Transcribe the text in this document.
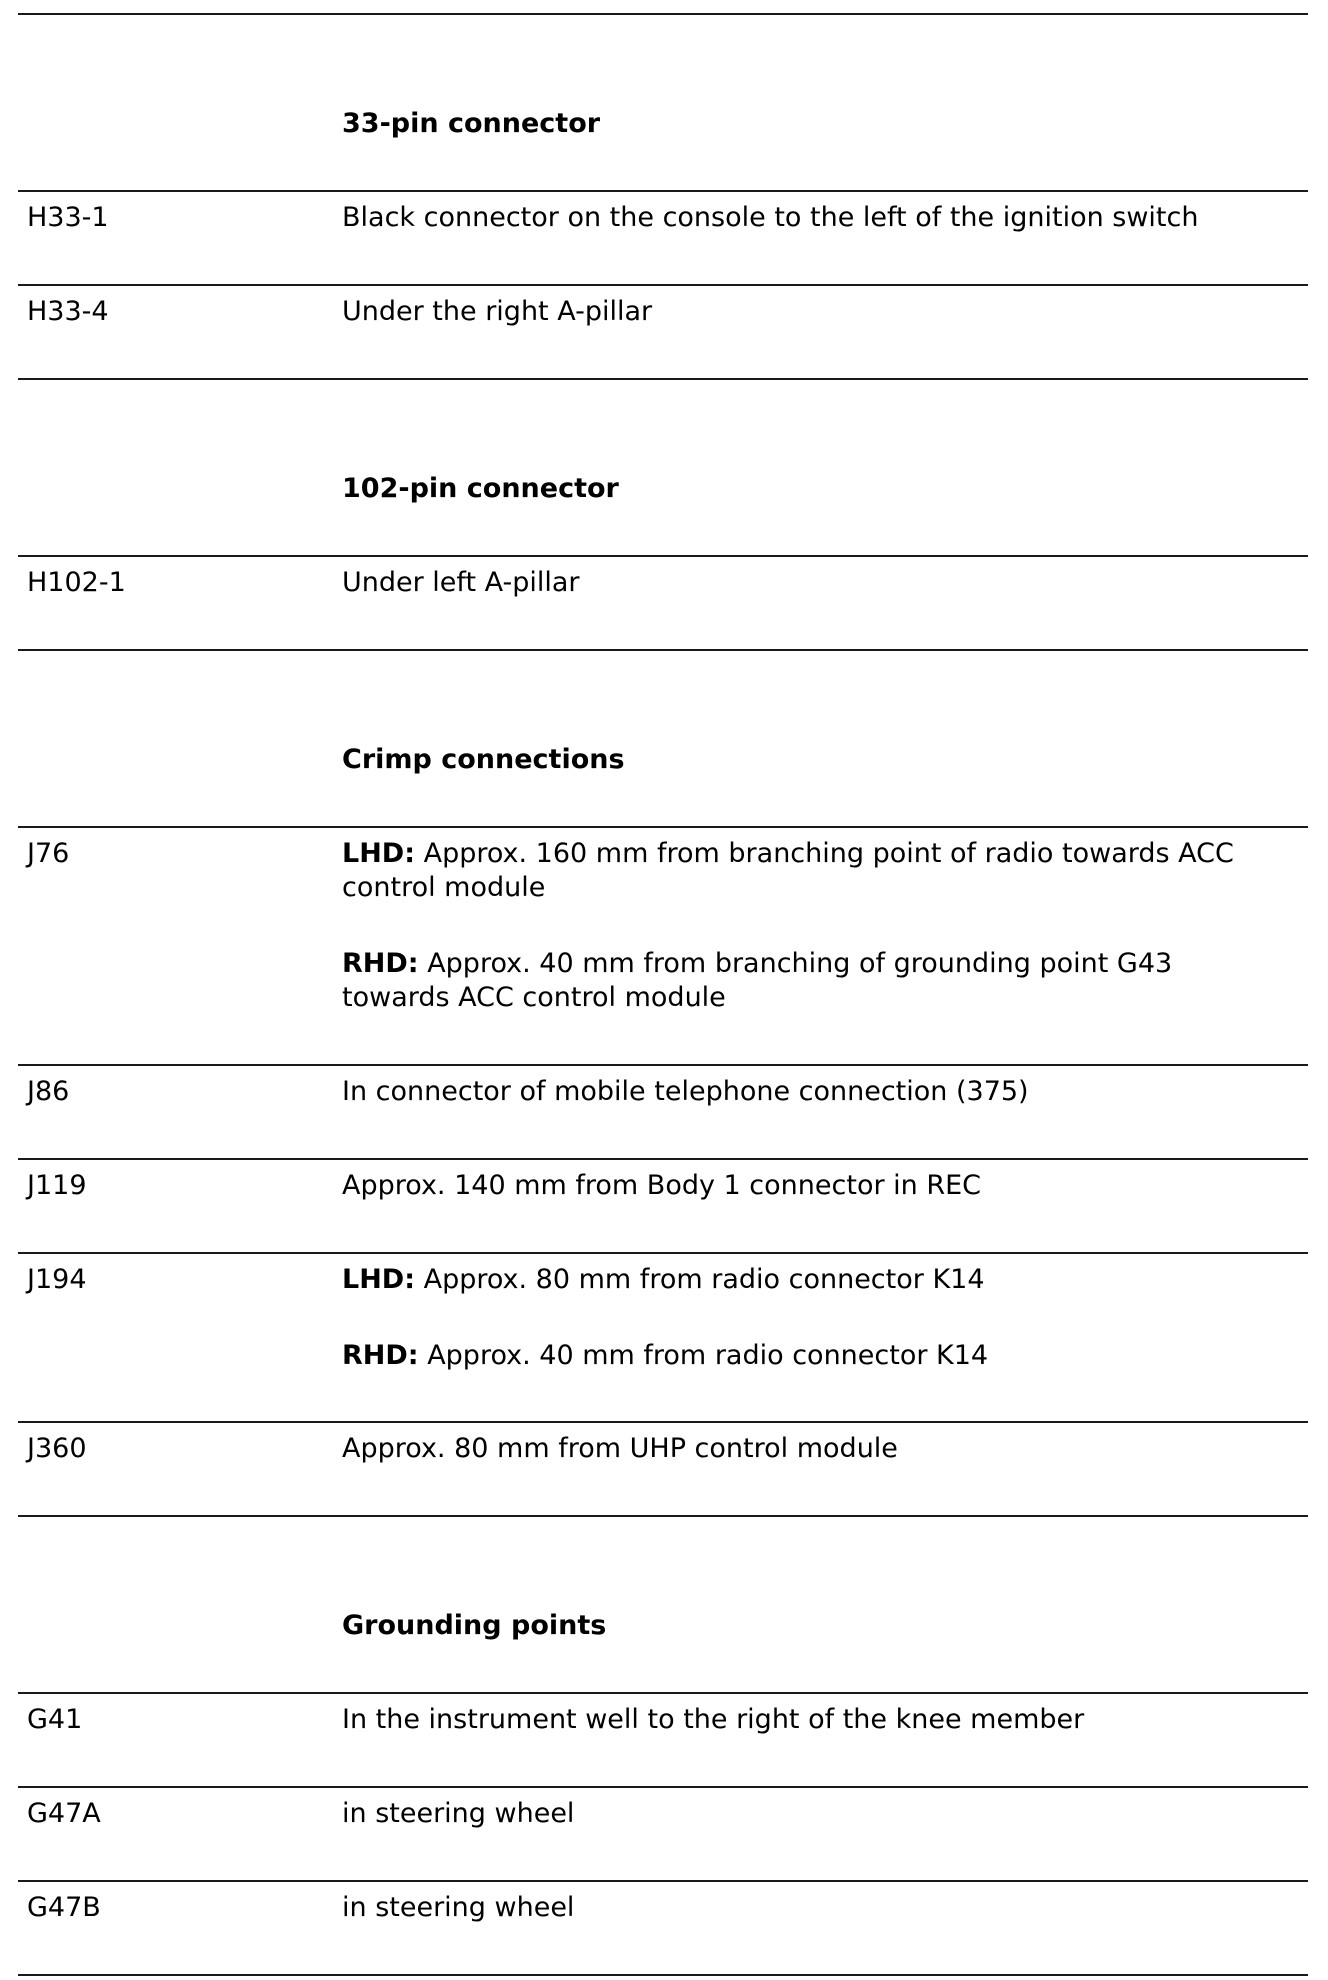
33-pin connector
H33-1	Black connector on the console to the left of the ignition switch
H33-4	Under the right A-pillar
102-pin connector
H102-1	Under left A-pillar
Crimp connections
J76	LHD: Approx. 160 mm from branching point of radio towards ACC
control module
RHD: Approx. 40 mm from branching of grounding point G43
towards ACC control module
J86	In connector of mobile telephone connection (375)
J119	Approx. 140 mm from Body 1 connector in REC
J194	LHD: Approx. 80 mm from radio connector K14
RHD: Approx. 40 mm from radio connector K14
J360	Approx. 80 mm from UHP control module
Grounding points
G41	In the instrument well to the right of the knee member
G47A	in steering wheel
G47B	in steering wheel
